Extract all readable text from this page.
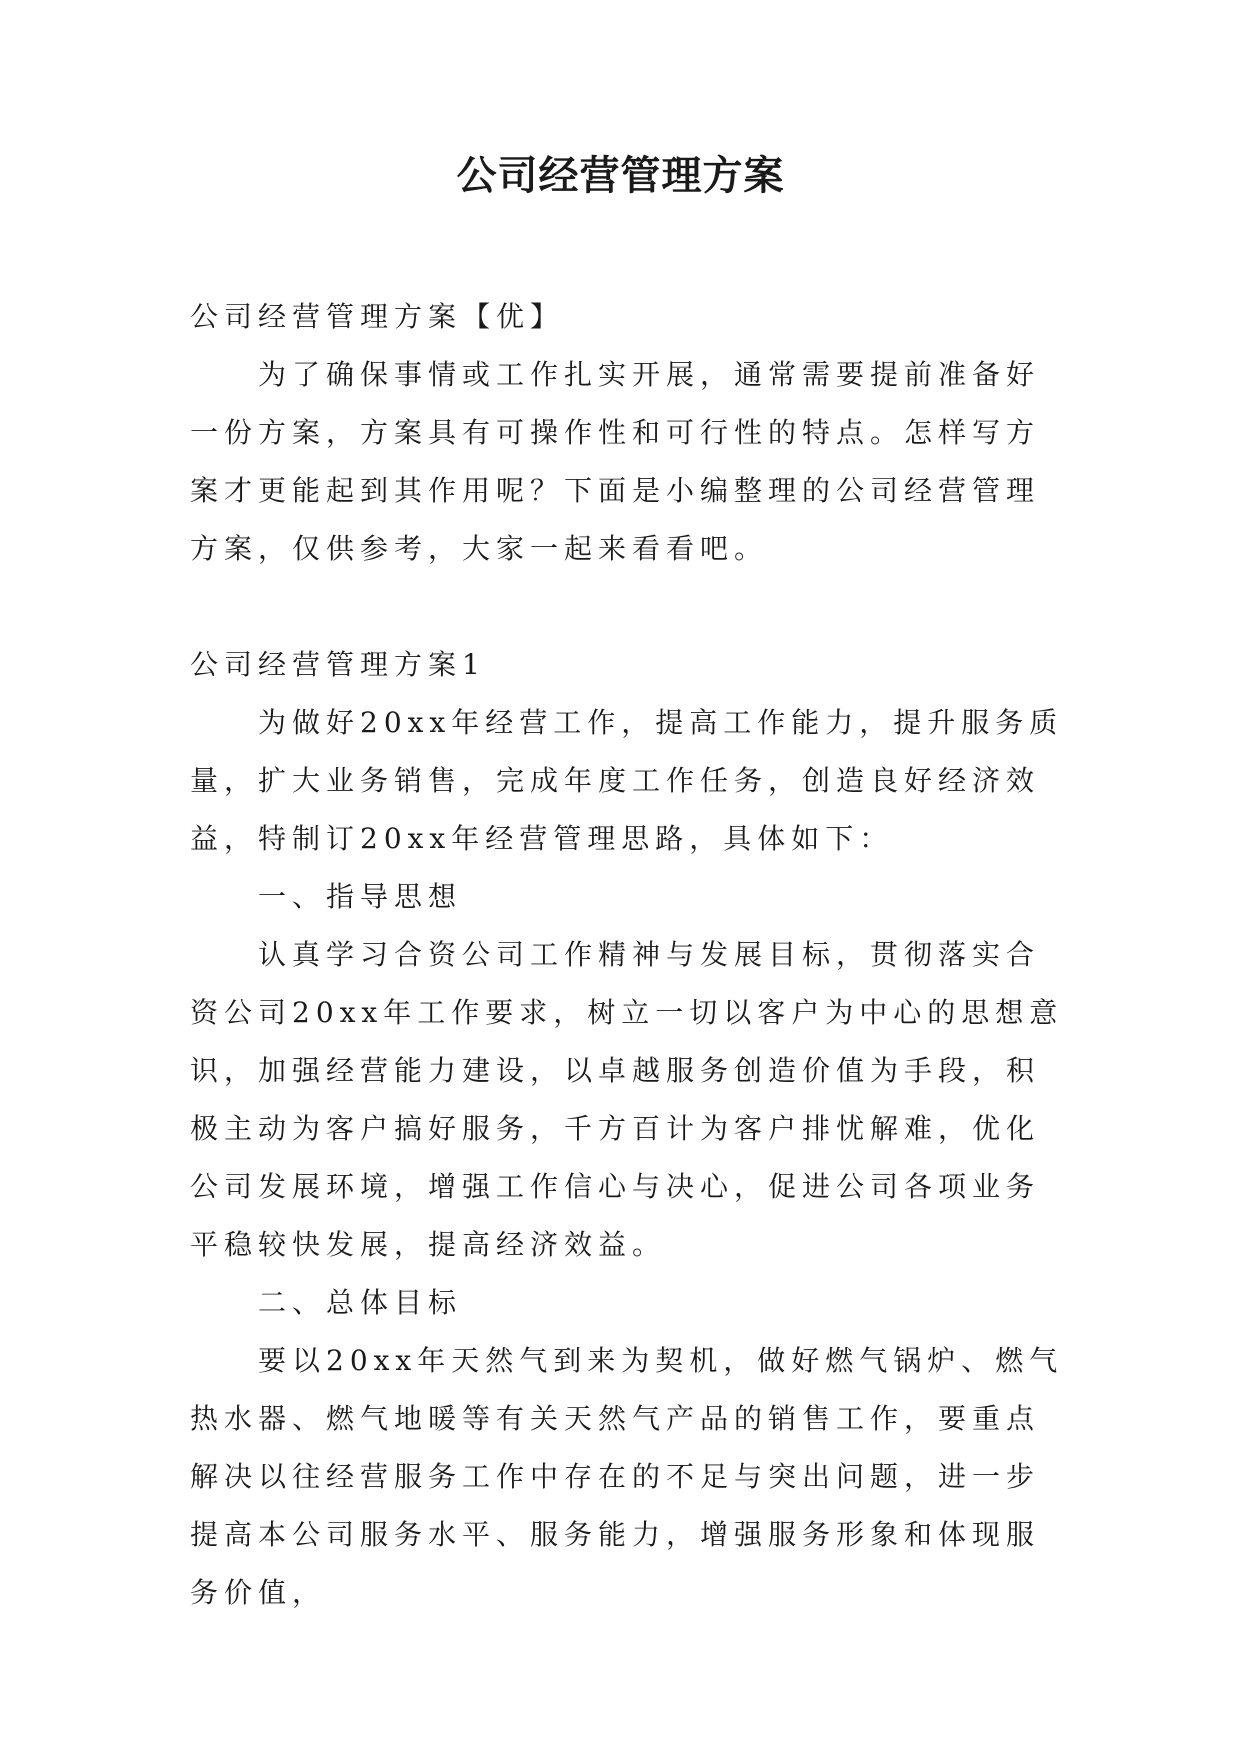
公司经营管理方案

公司经营管理方案【优】

为了确保事情或工作扎实开展，通常需要提前准备好一份方案，方案具有可操作性和可行性的特点。怎样写方案才更能起到其作用呢？下面是小编整理的公司经营管理方案，仅供参考，大家一起来看看吧。

公司经营管理方案1

为做好20xx年经营工作，提高工作能力，提升服务质量，扩大业务销售，完成年度工作任务，创造良好经济效益，特制订20xx年经营管理思路，具体如下：

一、指导思想

认真学习合资公司工作精神与发展目标，贯彻落实合资公司20xx年工作要求，树立一切以客户为中心的思想意识，加强经营能力建设，以卓越服务创造价值为手段，积极主动为客户搞好服务，千方百计为客户排忧解难，优化公司发展环境，增强工作信心与决心，促进公司各项业务平稳较快发展，提高经济效益。

二、总体目标

要以20xx年天然气到来为契机，做好燃气锅炉、燃气热水器、燃气地暖等有关天然气产品的销售工作，要重点解决以往经营服务工作中存在的不足与突出问题，进一步提高本公司服务水平、服务能力，增强服务形象和体现服务价值，
